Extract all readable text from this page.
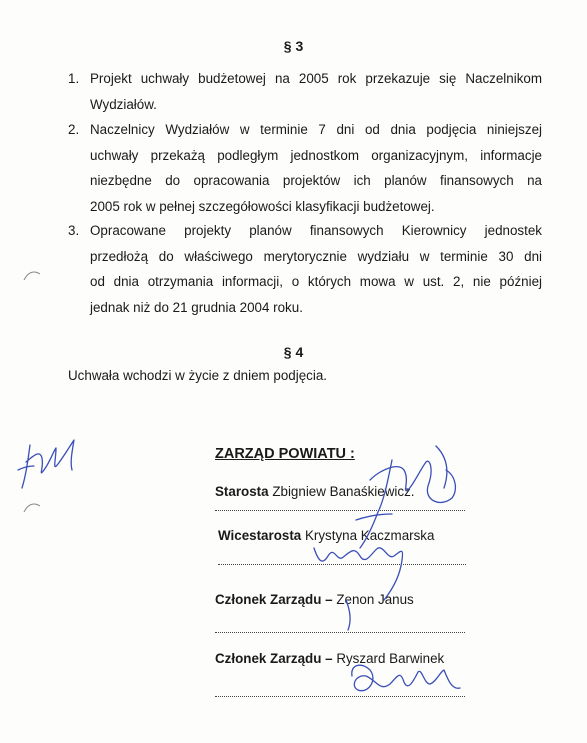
§ 3
1. Projekt uchwały budżetowej na 2005 rok przekazuje się Naczelnikom
Wydziałów.
2. Naczelnicy Wydziałów w terminie 7 dni od dnia podjęcia niniejszej
uchwały przekażą podległym jednostkom organizacyjnym, informacje
niezbędne do opracowania projektów ich planów finansowych na
2005 rok w pełnej szczegółowości klasyfikacji budżetowej.
3. Opracowane projekty planów finansowych Kierownicy jednostek
przedłożą do właściwego merytorycznie wydziału w terminie 30 dni
od dnia otrzymania informacji, o których mowa w ust. 2, nie później
jednak niż do 21 grudnia 2004 roku.
§ 4
Uchwała wchodzi w życie z dniem podjęcia.
ZARZĄD POWIATU :
Starosta Zbigniew Banaśkiewicz.
Wicestarosta Krystyna Kaczmarska
Członek Zarządu – Zenon Janus
Członek Zarządu – Ryszard Barwinek
